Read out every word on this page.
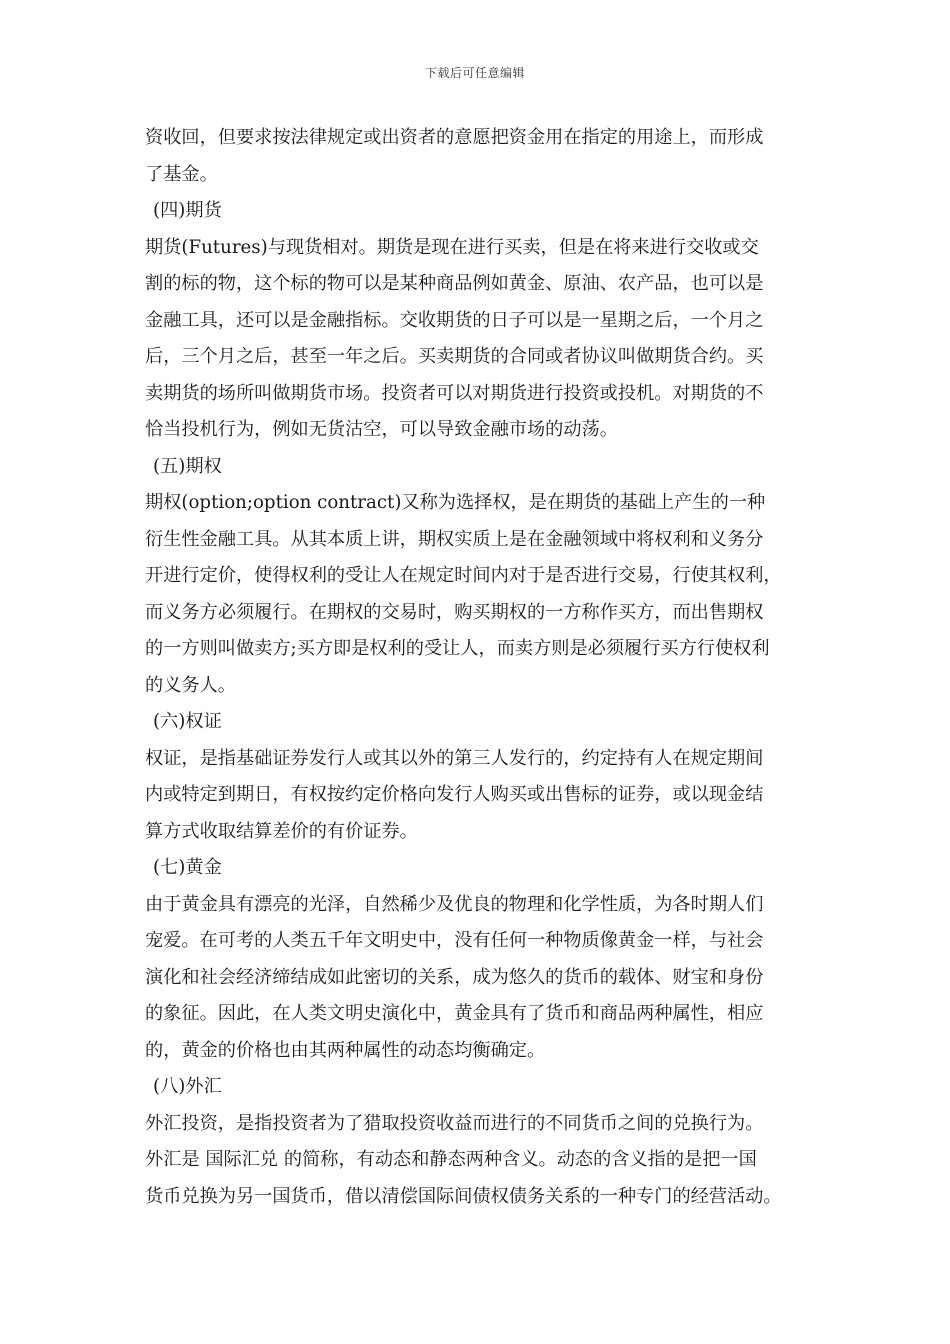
下载后可任意编辑
资收回，但要求按法律规定或出资者的意愿把资金用在指定的用途上，而形成
了基金。
(四)期货
期货(Futures)与现货相对。期货是现在进行买卖，但是在将来进行交收或交
割的标的物，这个标的物可以是某种商品例如黄金、原油、农产品，也可以是
金融工具，还可以是金融指标。交收期货的日子可以是一星期之后，一个月之
后，三个月之后，甚至一年之后。买卖期货的合同或者协议叫做期货合约。买
卖期货的场所叫做期货市场。投资者可以对期货进行投资或投机。对期货的不
恰当投机行为，例如无货沽空，可以导致金融市场的动荡。
(五)期权
期权(option;option contract)又称为选择权，是在期货的基础上产生的一种
衍生性金融工具。从其本质上讲，期权实质上是在金融领域中将权利和义务分
开进行定价，使得权利的受让人在规定时间内对于是否进行交易，行使其权利，
而义务方必须履行。在期权的交易时，购买期权的一方称作买方，而出售期权
的一方则叫做卖方;买方即是权利的受让人，而卖方则是必须履行买方行使权利
的义务人。
(六)权证
权证，是指基础证券发行人或其以外的第三人发行的，约定持有人在规定期间
内或特定到期日，有权按约定价格向发行人购买或出售标的证券，或以现金结
算方式收取结算差价的有价证券。
(七)黄金
由于黄金具有漂亮的光泽，自然稀少及优良的物理和化学性质，为各时期人们
宠爱。在可考的人类五千年文明史中，没有任何一种物质像黄金一样，与社会
演化和社会经济缔结成如此密切的关系，成为悠久的货币的载体、财宝和身份
的象征。因此，在人类文明史演化中，黄金具有了货币和商品两种属性，相应
的，黄金的价格也由其两种属性的动态均衡确定。
(八)外汇
外汇投资，是指投资者为了猎取投资收益而进行的不同货币之间的兑换行为。
外汇是 国际汇兑 的简称，有动态和静态两种含义。动态的含义指的是把一国
货币兑换为另一国货币，借以清偿国际间债权债务关系的一种专门的经营活动。
